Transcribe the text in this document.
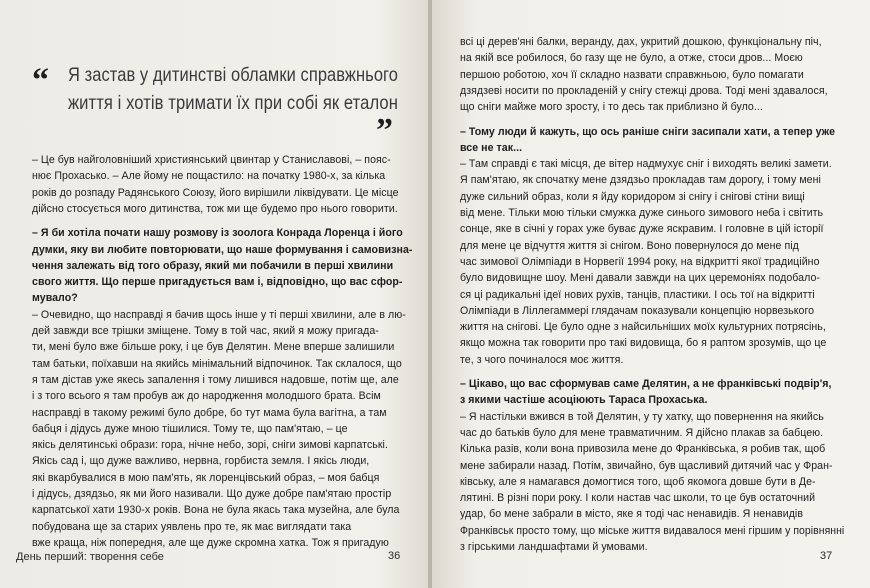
“ Я застав у дитинстві обламки справжнього
життя і хотів тримати їх при собі як еталон
”
– Це був найголовніший християнський цвинтар у Станиславові, – пояс-
нює Прохасько. – Але йому не пощастило: на початку 1980-х, за кілька
років до розпаду Радянського Союзу, його вирішили ліквідувати. Це місце
дійсно стосується мого дитинства, тож ми ще будемо про нього говорити.
– Я би хотіла почати нашу розмову із зоолога Конрада Лоренца і його
думки, яку ви любите повторювати, що наше формування і самовизна-
чення залежать від того образу, який ми побачили в перші хвилини
свого життя. Що перше пригадується вам і, відповідно, що вас сфор-
мувало?
– Очевидно, що насправді я бачив щось інше у ті перші хвилини, але в лю-
дей завжди все трішки зміщене. Тому в той час, який я можу пригада-
ти, мені було вже більше року, і це був Делятин. Мене вперше залишили
там батьки, поїхавши на якийсь мінімальний відпочинок. Так склалося, що
я там дістав уже якесь запалення і тому лишився надовше, потім ще, але
і з того всього я там пробув аж до народження молодшого брата. Всім
насправді в такому режимі було добре, бо тут мама була вагітна, а там
бабця і дідусь дуже мною тішилися. Тому те, що пам'ятаю, – це
якісь делятинські образи: гора, нічне небо, зорі, сніги зимові карпатські.
Якісь сад і, що дуже важливо, нервна, горбиста земля. І якісь люди,
які вкарбувалися в мою пам'ять, як лоренцівський образ, – моя бабця
і дідусь, дзядзьо, як ми його називали. Що дуже добре пам'ятаю простір
карпатської хати 1930-х років. Вона не була якась така музейна, але була
побудована ще за старих уявлень про те, як має виглядати така
вже краща, ніж попередня, але ще дуже скромна хатка. Тож я пригадую
День перший: творення себе	36
всі ці дерев'яні балки, веранду, дах, укритий дошкою, функціональну піч,
на якій все робилося, бо газу ще не було, а отже, стоси дров... Моєю
першою роботою, хоч її складно назвати справжньою, було помагати
дзядзеві носити по прокладеній у снігу стежці дрова. Тоді мені здавалося,
що сніги майже мого зросту, і то десь так приблизно й було...
– Тому люди й кажуть, що ось раніше сніги засипали хати, а тепер уже
все не так...
– Там справді є такі місця, де вітер надмухує сніг і виходять великі замети.
Я пам'ятаю, як спочатку мене дзядзьо прокладав там дорогу, і тому мені
дуже сильний образ, коли я йду коридором зі снігу і снігові стіни вищі
від мене. Тільки мою тільки смужка дуже синього зимового неба і світить
сонце, яке в січні у горах уже буває дуже яскравим. І головне в цій історії
для мене це відчуття життя зі снігом. Воно повернулося до мене під
час зимової Олімпіади в Норвегії 1994 року, на відкритті якої традиційно
було видовищне шоу. Мені давали завжди на цих церемоніях подобало-
ся ці радикальні ідеї нових рухів, танців, пластики. І ось тої на відкритті
Олімпіади в Ліллегаммері глядачам показували концепцію норвезького
життя на снігові. Це було одне з найсильніших моїх культурних потрясінь,
якщо можна так говорити про такі видовища, бо я раптом зрозумів, що це
те, з чого починалося моє життя.
– Цікаво, що вас сформував саме Делятин, а не франківські подвір'я,
з якими частіше асоціюють Тараса Прохаська.
– Я настільки вжився в той Делятин, у ту хатку, що повернення на якийсь
час до батьків було для мене травматичним. Я дійсно плакав за бабцею.
Кілька разів, коли вона привозила мене до Франківська, я робив так, щоб
мене забирали назад. Потім, звичайно, був щасливий дитячий час у Фран-
ківську, але я намагався домогтися того, щоб якомога довше бути в Де-
лятині. В різні пори року. І коли настав час школи, то це був остаточний
удар, бо мене забрали в місто, яке я тоді час ненавидів. Я ненавидів
Франківськ просто тому, що міське життя видавалося мені гіршим у порівнянні
з гірськими ландшафтами й умовами.
37
